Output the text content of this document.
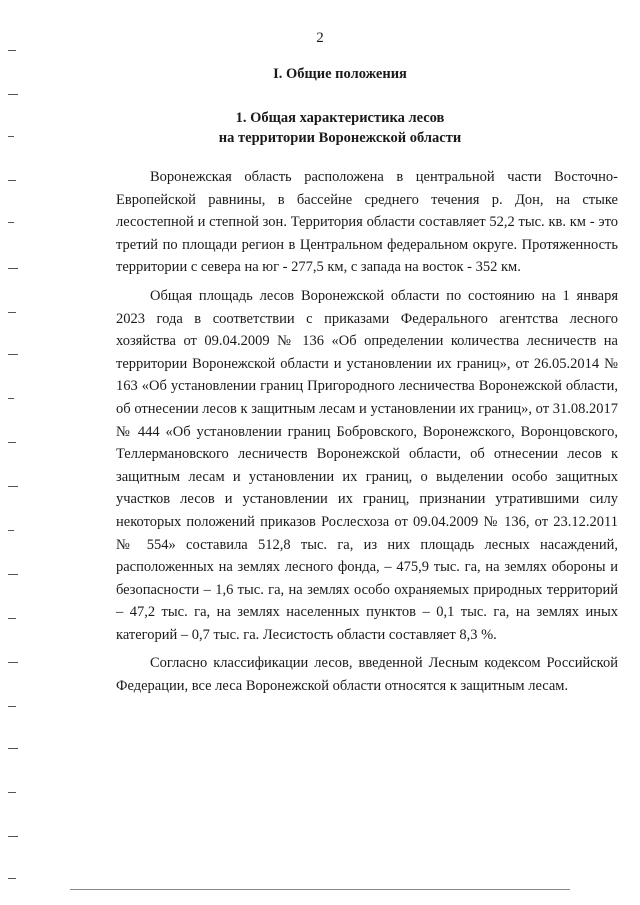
2
I. Общие положения
1. Общая характеристика лесов
на территории Воронежской области

Воронежская область расположена в центральной части Восточно-Европейской равнины, в бассейне среднего течения р. Дон, на стыке лесостепной и степной зон. Территория области составляет 52,2 тыс. кв. км - это третий по площади регион в Центральном федеральном округе. Протяженность территории с севера на юг - 277,5 км, с запада на восток - 352 км.

Общая площадь лесов Воронежской области по состоянию на 1 января 2023 года в соответствии с приказами Федерального агентства лесного хозяйства от 09.04.2009 № 136 «Об определении количества лесничеств на территории Воронежской области и установлении их границ», от 26.05.2014 № 163 «Об установлении границ Пригородного лесничества Воронежской области, об отнесении лесов к защитным лесам и установлении их границ», от 31.08.2017 № 444 «Об установлении границ Бобровского, Воронежского, Воронцовского, Теллермановского лесничеств Воронежской области, об отнесении лесов к защитным лесам и установлении их границ, о выделении особо защитных участков лесов и установлении их границ, признании утратившими силу некоторых положений приказов Рослесхоза от 09.04.2009 № 136, от 23.12.2011 № 554» составила 512,8 тыс. га, из них площадь лесных насаждений, расположенных на землях лесного фонда, – 475,9 тыс. га, на землях обороны и безопасности – 1,6 тыс. га, на землях особо охраняемых природных территорий – 47,2 тыс. га, на землях населенных пунктов – 0,1 тыс. га, на землях иных категорий – 0,7 тыс. га. Лесистость области составляет 8,3 %.

Согласно классификации лесов, введенной Лесным кодексом Российской Федерации, все леса Воронежской области относятся к защитным лесам.
